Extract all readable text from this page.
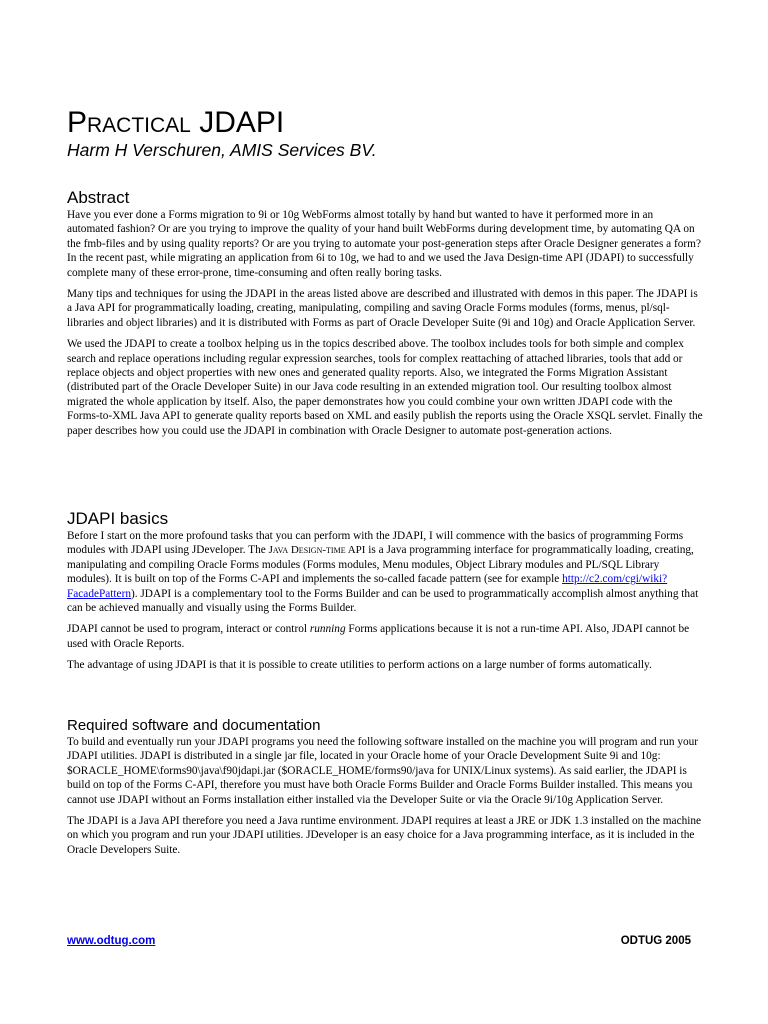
Practical JDAPI
Harm H Verschuren, AMIS Services BV.
Abstract

Have you ever done a Forms migration to 9i or 10g WebForms almost totally by hand but wanted to have it performed more in an automated fashion? Or are you trying to improve the quality of your hand built WebForms during development time, by automating QA on the fmb-files and by using quality reports? Or are you trying to automate your post-generation steps after Oracle Designer generates a form? In the recent past, while migrating an application from 6i to 10g, we had to and we used the Java Design-time API (JDAPI) to successfully complete many of these error-prone, time-consuming and often really boring tasks.

Many tips and techniques for using the JDAPI in the areas listed above are described and illustrated with demos in this paper. The JDAPI is a Java API for programmatically loading, creating, manipulating, compiling and saving Oracle Forms modules (forms, menus, pl/sql-libraries and object libraries) and it is distributed with Forms as part of Oracle Developer Suite (9i and 10g) and Oracle Application Server.

We used the JDAPI to create a toolbox helping us in the topics described above. The toolbox includes tools for both simple and complex search and replace operations including regular expression searches, tools for complex reattaching of attached libraries, tools that add or replace objects and object properties with new ones and generated quality reports. Also, we integrated the Forms Migration Assistant (distributed part of the Oracle Developer Suite) in our Java code resulting in an extended migration tool. Our resulting toolbox almost migrated the whole application by itself. Also, the paper demonstrates how you could combine your own written JDAPI code with the Forms-to-XML Java API to generate quality reports based on XML and easily publish the reports using the Oracle XSQL servlet. Finally the paper describes how you could use the JDAPI in combination with Oracle Designer to automate post-generation actions.

JDAPI basics

Before I start on the more profound tasks that you can perform with the JDAPI, I will commence with the basics of programming Forms modules with JDAPI using JDeveloper. The Java Design-time API is a Java programming interface for programmatically loading, creating, manipulating and compiling Oracle Forms modules (Forms modules, Menu modules, Object Library modules and PL/SQL Library modules). It is built on top of the Forms C-API and implements the so-called facade pattern (see for example http://c2.com/cgi/wiki?FacadePattern). JDAPI is a complementary tool to the Forms Builder and can be used to programmatically accomplish almost anything that can be achieved manually and visually using the Forms Builder.

JDAPI cannot be used to program, interact or control running Forms applications because it is not a run-time API. Also, JDAPI cannot be used with Oracle Reports.

The advantage of using JDAPI is that it is possible to create utilities to perform actions on a large number of forms automatically.

Required software and documentation

To build and eventually run your JDAPI programs you need the following software installed on the machine you will program and run your JDAPI utilities. JDAPI is distributed in a single jar file, located in your Oracle home of your Oracle Development Suite 9i and 10g: $ORACLE_HOME\forms90\java\f90jdapi.jar ($ORACLE_HOME/forms90/java for UNIX/Linux systems). As said earlier, the JDAPI is build on top of the Forms C-API, therefore you must have both Oracle Forms Builder and Oracle Forms Builder installed. This means you cannot use JDAPI without an Forms installation either installed via the Developer Suite or via the Oracle 9i/10g Application Server.

The JDAPI is a Java API therefore you need a Java runtime environment. JDAPI requires at least a JRE or JDK 1.3 installed on the machine on which you program and run your JDAPI utilities. JDeveloper is an easy choice for a Java programming interface, as it is included in the Oracle Developers Suite.

www.odtug.com	ODTUG 2005
